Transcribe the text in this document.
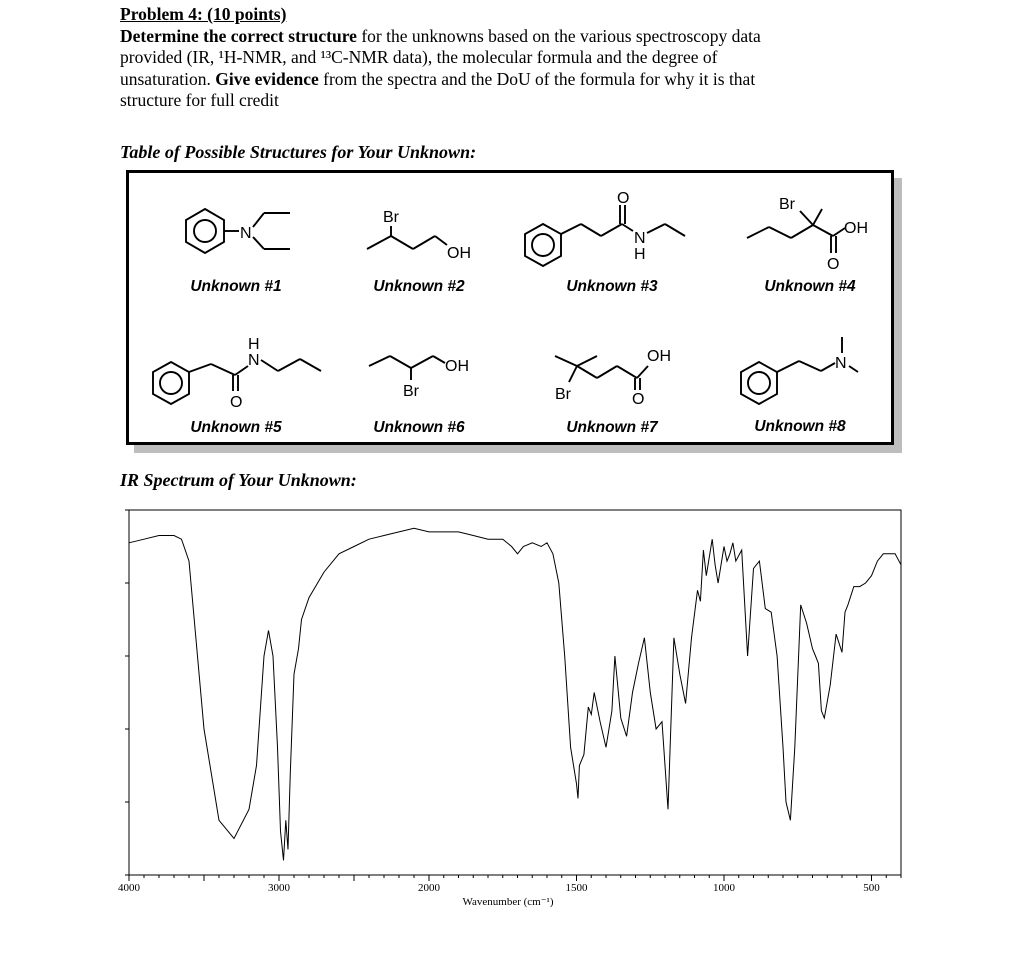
Problem 4: (10 points)
Determine the correct structure for the unknowns based on the various spectroscopy data
provided (IR, ¹H-NMR, and ¹³C-NMR data), the molecular formula and the degree of
unsaturation. Give evidence from the spectra and the DoU of the formula for why it is that
structure for full credit
Table of Possible Structures for Your Unknown:
N
Unknown #1
Br
OH
Unknown #2
O
N
H
Unknown #3
Br
O
OH
Unknown #4
O
H
N
Unknown #5
Br
OH
Unknown #6
Br	O
OH
Unknown #7
N
Unknown #8
IR Spectrum of Your Unknown:
4000	3000	2000	1500	1000	500
Wavenumber (cm⁻¹)
